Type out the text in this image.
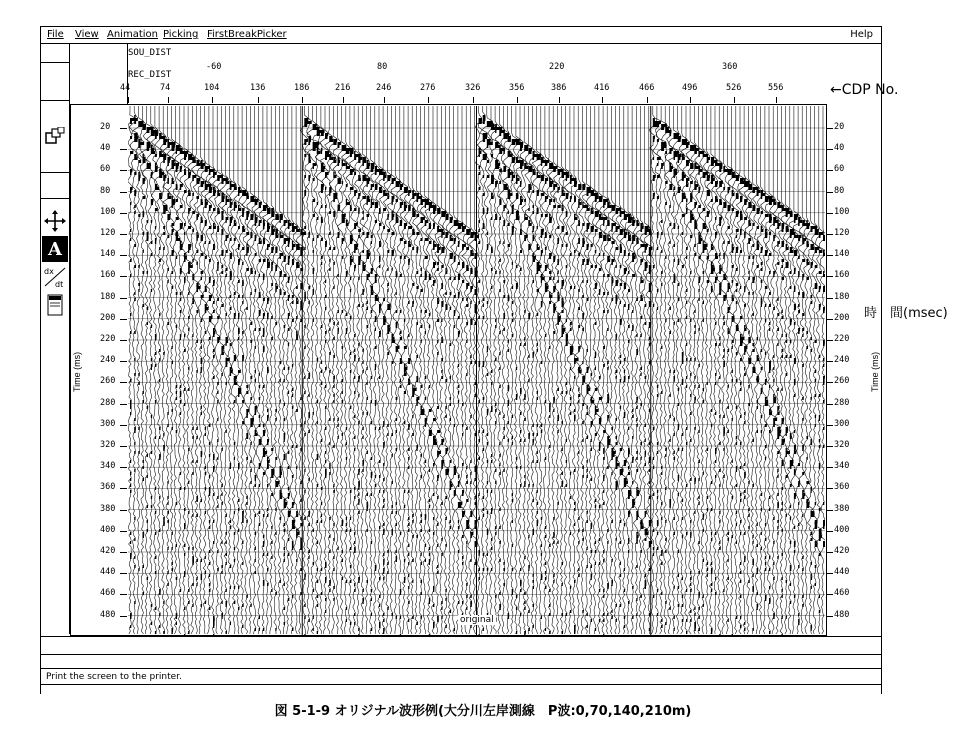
File View Animation Picking FirstBreakPicker	Help
A
dx
dt
SOU_DIST
REC_DIST
-60	80	220	360
44	74	104	136	186	216	246	276	326	356	386	416	466	496	526	556	←CDP No.
original
20
40
60
80
100
120
140
160
180
200
220
240
260
280
300
320
340
360
380
400
420
440
460
480
20
40
60
80
100
120
140
160
180
200
220
240
260
280
300
320
340
360
380
400
420
440
460
480
Time (ms)	Time (ms)
時　間(msec)
Print the screen to the printer.
図 5-1-9 オリジナル波形例(大分川左岸測線　P波:0,70,140,210m)
